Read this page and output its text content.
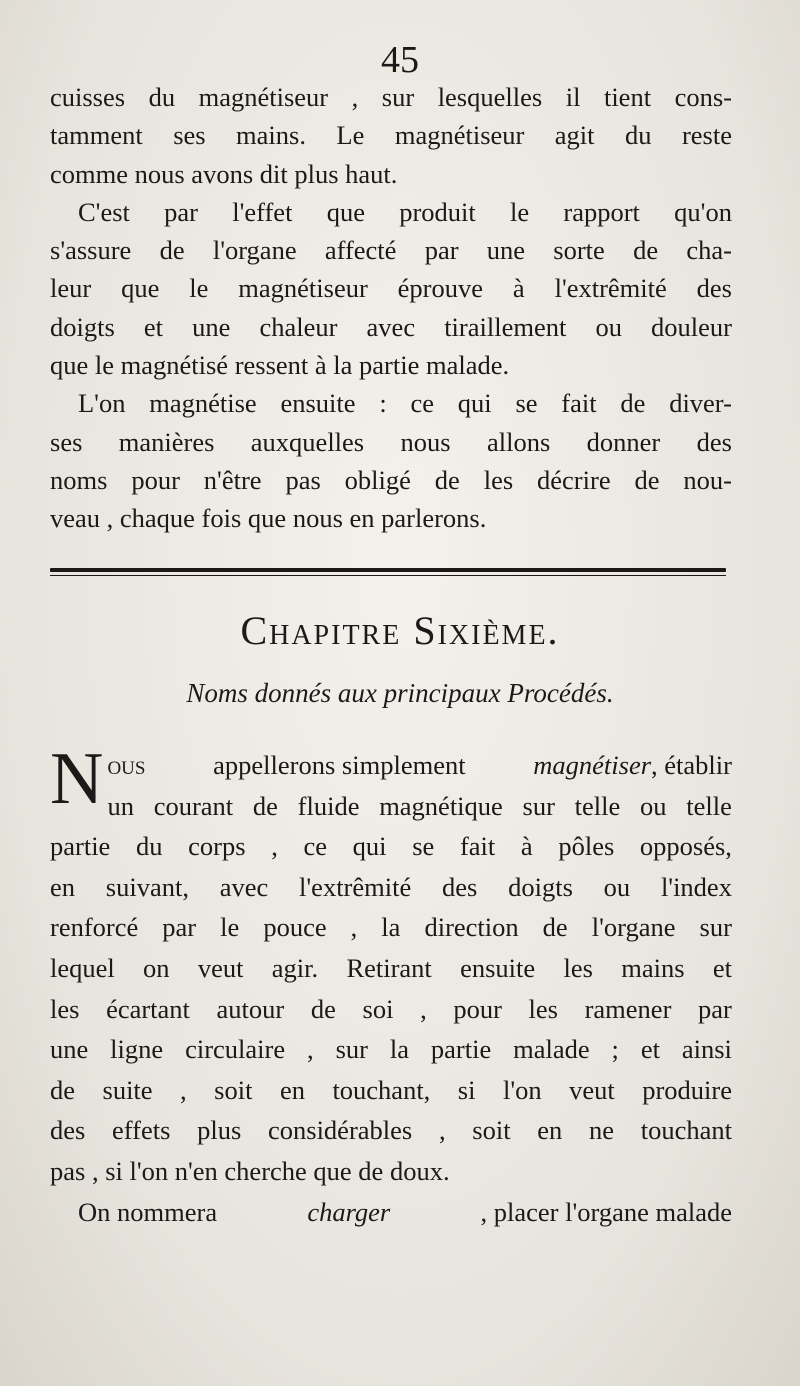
45
cuisses du magnétiseur , sur lesquelles il tient cons-
tamment ses mains. Le magnétiseur agit du reste
comme nous avons dit plus haut.
C'est par l'effet que produit le rapport qu'on
s'assure de l'organe affecté par une sorte de cha-
leur que le magnétiseur éprouve à l'extrêmité des
doigts et une chaleur avec tiraillement ou douleur
que le magnétisé ressent à la partie malade.
L'on magnétise ensuite : ce qui se fait de diver-
ses manières auxquelles nous allons donner des
noms pour n'être pas obligé de les décrire de nou-
veau , chaque fois que nous en parlerons.
Chapitre Sixième.
Noms donnés aux principaux Procédés.
N ous	appellerons simplement	magnétiser, établir
un courant de fluide magnétique sur telle ou telle
partie du corps , ce qui se fait à pôles opposés,
en suivant, avec l'extrêmité des doigts ou l'index
renforcé par le pouce , la direction de l'organe sur
lequel on veut agir. Retirant ensuite les mains et
les écartant autour de soi , pour les ramener par
une ligne circulaire , sur la partie malade ; et ainsi
de suite , soit en touchant, si l'on veut produire
des effets plus considérables , soit en ne touchant
pas , si l'on n'en cherche que de doux.
On nommera	charger	, placer l'organe malade
